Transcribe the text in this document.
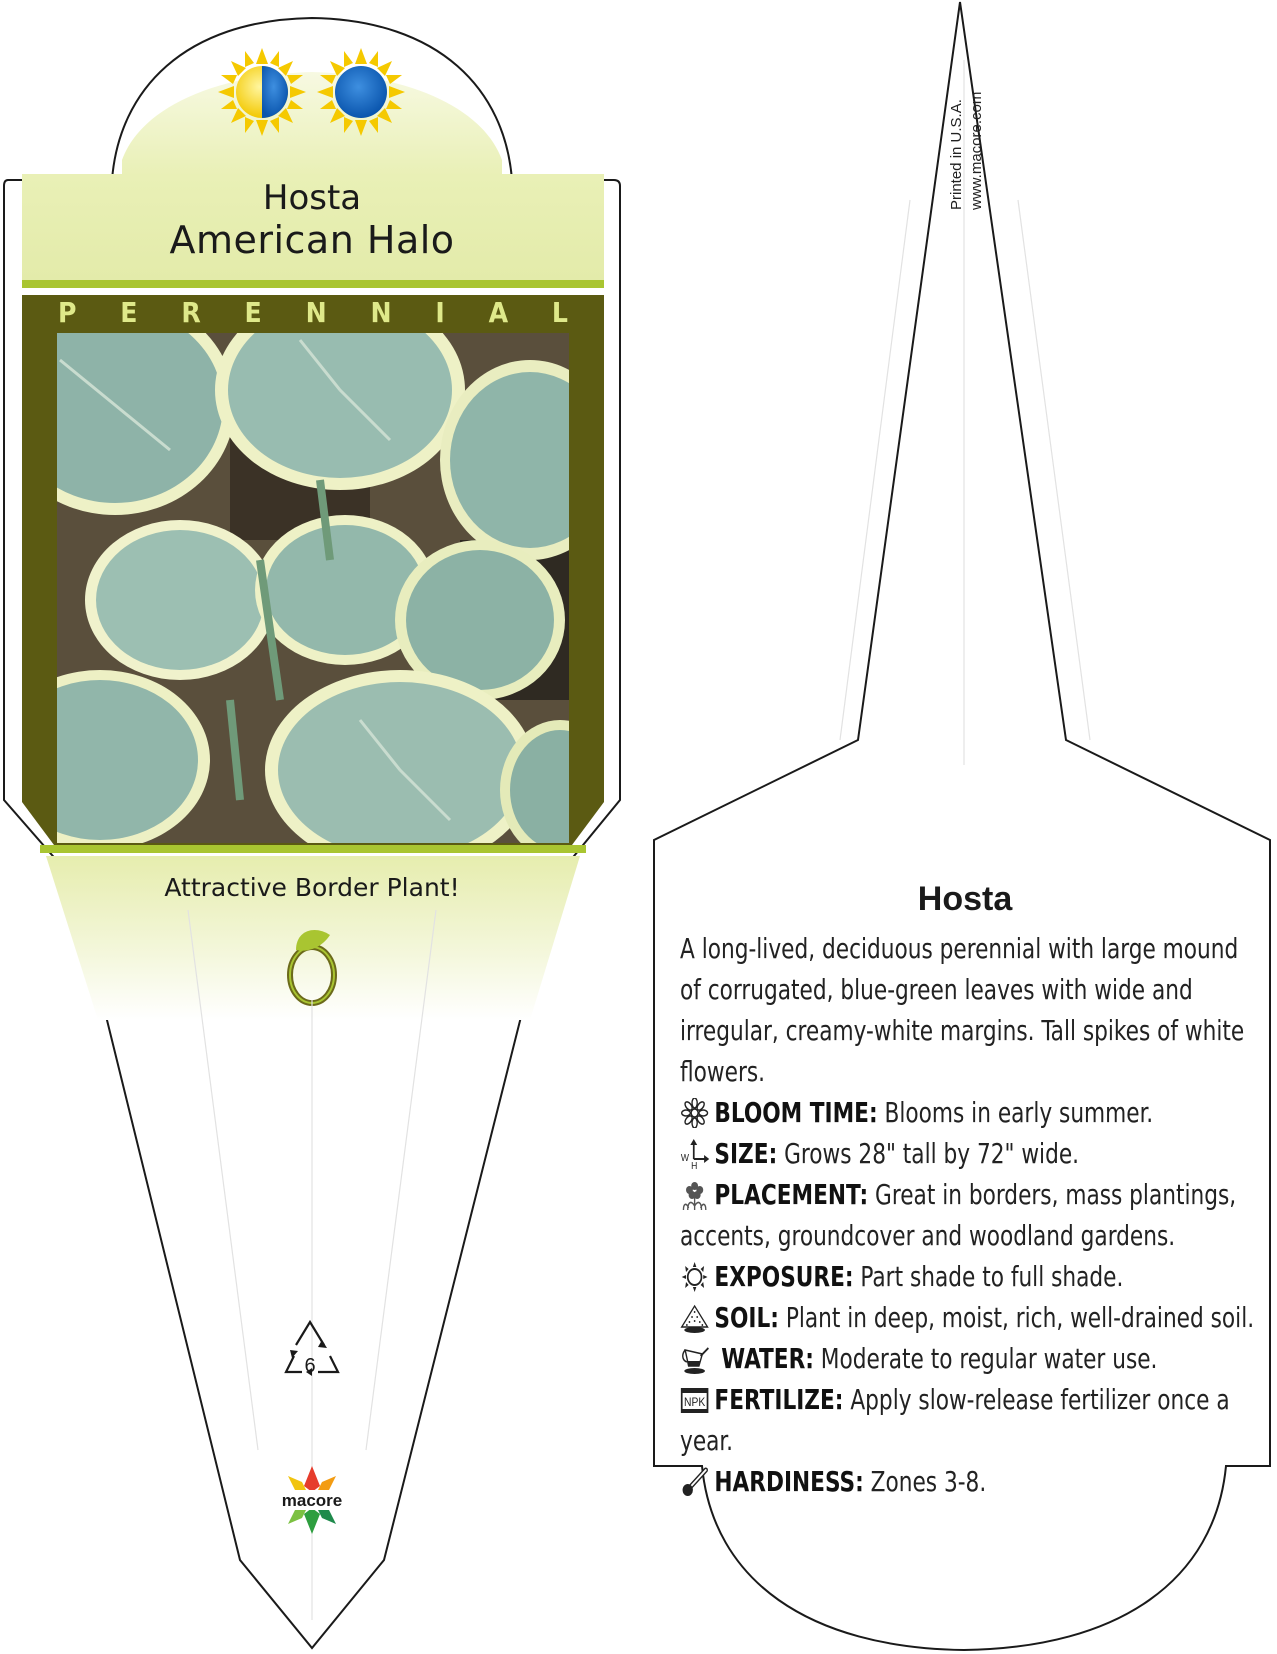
Hosta
American Halo
P E R E N N I A L
Attractive Border Plant!
6
macore
Printed in U.S.A. www.macore.com
Hosta

A long-lived, deciduous perennial with large mound of corrugated, blue-green leaves with wide and irregular, creamy-white margins. Tall spikes of white flowers.

BLOOM TIME: Blooms in early summer.

W
H SIZE: Grows 28" tall by 72" wide.

PLACEMENT: Great in borders, mass plantings, accents, groundcover and woodland gardens.

EXPOSURE: Part shade to full shade.

SOIL: Plant in deep, moist, rich, well-drained soil.

WATER: Moderate to regular water use.

NPK FERTILIZE: Apply slow-release fertilizer once a year.

HARDINESS: Zones 3-8.
